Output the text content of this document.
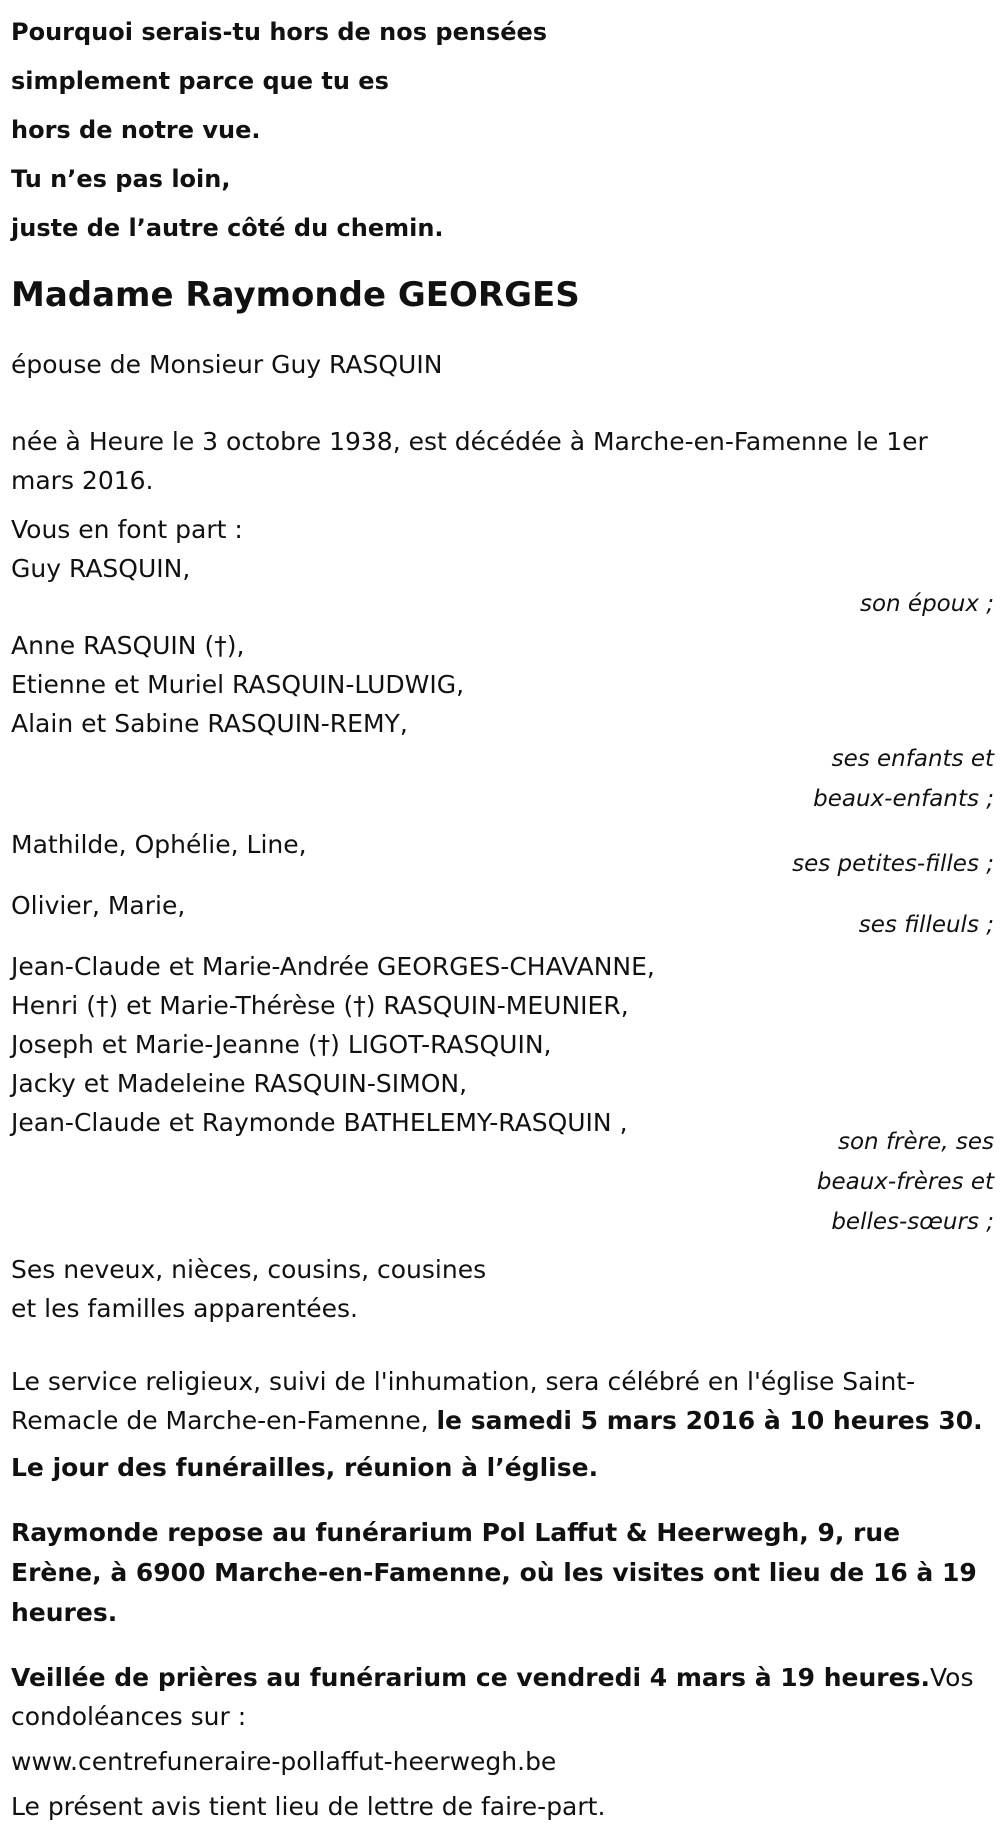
Pourquoi serais-tu hors de nos pensées
simplement parce que tu es
hors de notre vue.
Tu n’es pas loin,
juste de l’autre côté du chemin.
Madame Raymonde GEORGES

épouse de Monsieur Guy RASQUIN

née à Heure le 3 octobre 1938, est décédée à Marche-en-Famenne le 1er mars 2016.

Vous en font part :

Guy RASQUIN,
son époux ;
Anne RASQUIN (†),
Etienne et Muriel RASQUIN-LUDWIG,
Alain et Sabine RASQUIN-REMY,
ses enfants et
beaux-enfants ;
Mathilde, Ophélie, Line,
ses petites-filles ;
Olivier, Marie,
ses filleuls ;
Jean-Claude et Marie-Andrée GEORGES-CHAVANNE,
Henri (†) et Marie-Thérèse (†) RASQUIN-MEUNIER,
Joseph et Marie-Jeanne (†) LIGOT-RASQUIN,
Jacky et Madeleine RASQUIN-SIMON,
Jean-Claude et Raymonde BATHELEMY-RASQUIN ,
son frère, ses
beaux-frères et
belles-sœurs ;
Ses neveux, nièces, cousins, cousines
et les familles apparentées.

Le service religieux, suivi de l'inhumation, sera célébré en l'église Saint-Remacle de Marche-en-Famenne, le samedi 5 mars 2016 à 10 heures 30.

Le jour des funérailles, réunion à l’église.

Raymonde repose au funérarium Pol Laffut & Heerwegh, 9, rue Erène, à 6900 Marche-en-Famenne, où les visites ont lieu de 16 à 19 heures.

Veillée de prières au funérarium ce vendredi 4 mars à 19 heures.Vos condoléances sur :

www.centrefuneraire-pollaffut-heerwegh.be

Le présent avis tient lieu de lettre de faire-part.
